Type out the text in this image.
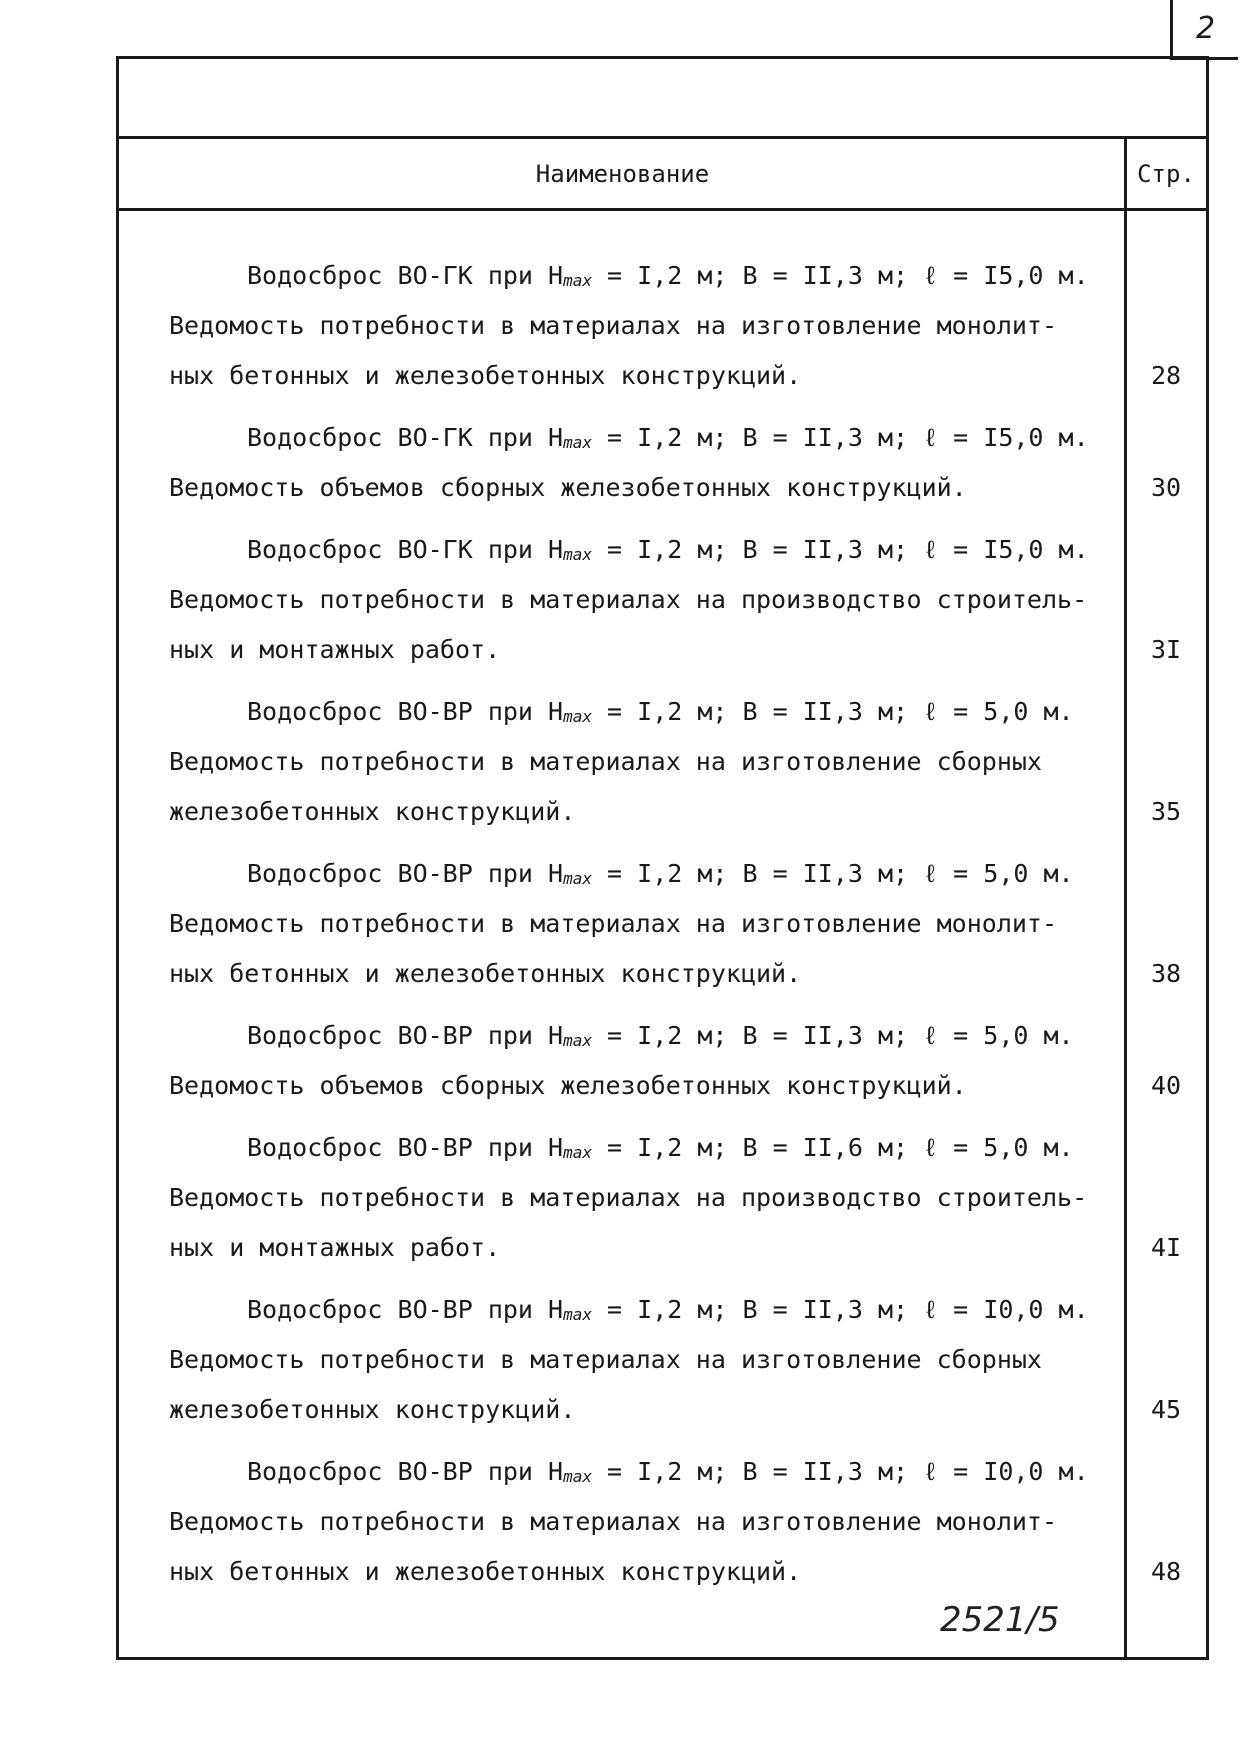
2
Наименование	Стр.
Водосброс ВО-ГК при Нmax = I,2 м; В = II,3 м; ℓ = I5,0 м.
Ведомость потребности в материалах на изготовление монолит-
ных бетонных и железобетонных конструкций.	28
Водосброс ВО-ГК при Нmax = I,2 м; В = II,3 м; ℓ = I5,0 м.
Ведомость объемов сборных железобетонных конструкций.	30
Водосброс ВО-ГК при Нmax = I,2 м; В = II,3 м; ℓ = I5,0 м.
Ведомость потребности в материалах на производство строитель-
ных и монтажных работ.	3I
Водосброс ВО-ВР при Нmax = I,2 м; В = II,3 м; ℓ = 5,0 м.
Ведомость потребности в материалах на изготовление сборных
железобетонных конструкций.	35
Водосброс ВО-ВР при Нmax = I,2 м; В = II,3 м; ℓ = 5,0 м.
Ведомость потребности в материалах на изготовление монолит-
ных бетонных и железобетонных конструкций.	38
Водосброс ВО-ВР при Нmax = I,2 м; В = II,3 м; ℓ = 5,0 м.
Ведомость объемов сборных железобетонных конструкций.	40
Водосброс ВО-ВР при Нmax = I,2 м; В = II,6 м; ℓ = 5,0 м.
Ведомость потребности в материалах на производство строитель-
ных и монтажных работ.	4I
Водосброс ВО-ВР при Нmax = I,2 м; В = II,3 м; ℓ = I0,0 м.
Ведомость потребности в материалах на изготовление сборных
железобетонных конструкций.	45
Водосброс ВО-ВР при Нmax = I,2 м; В = II,3 м; ℓ = I0,0 м.
Ведомость потребности в материалах на изготовление монолит-
ных бетонных и железобетонных конструкций.	48
2521/5
